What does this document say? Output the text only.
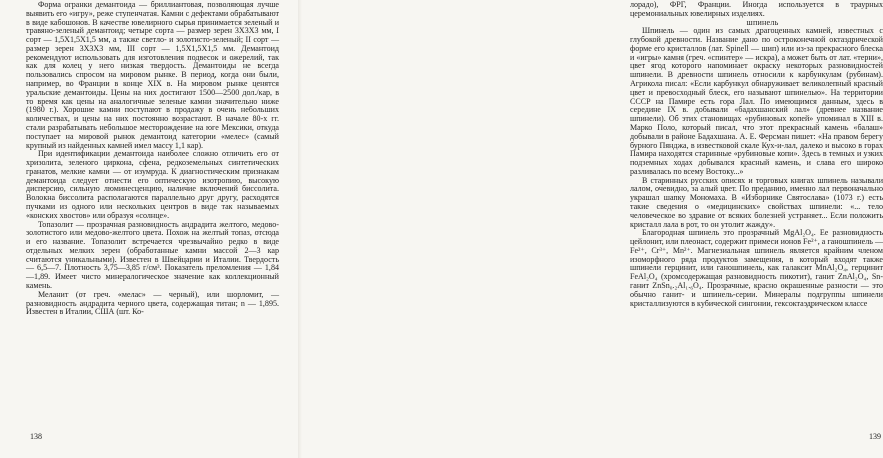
Форма огранки демантоида — бриллиантовая, позволяющая лучше выявить его «игру», реже ступенчатая. Камни с дефектами обрабатывают в виде кабошонов. В качестве ювелирного сырья принимается зеленый и травяно-зеленый демантоид; четыре сорта — размер зерен 3Х3Х3 мм, I сорт — 1,5Х1,5Х1,5 мм, а также светло- и золотисто-зеленый; II сорт — размер зерен 3Х3Х3 мм, III сорт — 1,5Х1,5Х1,5 мм. Демантоид рекомендуют использовать для изготовления подвесок и ожерелий, так как для колец у него низкая твердость. Демантоиды не всегда пользовались спросом на мировом рынке. В период, когда они были, например, во Франции в конце XIX в. На мировом рынке ценятся уральские демантоиды. Цены на них достигают 1500—2500 дол./кар, в то время как цены на аналогичные зеленые камни значительно ниже (1980 г.). Хорошие камни поступают в продажу в очень небольших количествах, и цены на них постоянно возрастают. В начале 80-х гг. стали разрабатывать небольшое месторождение на юге Мексики, откуда поступает на мировой рынок демантоид категории «мелес» (самый крупный из найденных камней имел массу 1,1 кар).

При идентификации демантоида наиболее сложно отличить его от хризолита, зеленого циркона, сфена, редкоземельных синтетических гранатов, мелкие камни — от изумруда. К диагностическим признакам демантоида следует отнести его оптическую изотропию, высокую дисперсию, сильную люминесценцию, наличие включений биссолита. Волокна биссолита располагаются параллельно друг другу, расходятся пучками из одного или нескольких центров в виде так называемых «конских хвостов» или образуя «солнце».

Топазолит — прозрачная разновидность андрадита желтого, медово-золотистого или медово-желтого цвета. Похож на желтый топаз, отсюда и его название. Топазолит встречается чрезвычайно редко в виде отдельных мелких зерен (обработанные камни массой 2—3 кар считаются уникальными). Известен в Швейцарии и Италии. Твердость — 6,5—7. Плотность 3,75—3,85 г/см³. Показатель преломления — 1,84—1,89. Имеет чисто минералогическое значение как коллекционный камень.

Меланит (от греч. «мелас» — черный), или шорломит, — разновидность андрадита черного цвета, содержащая титан; n — 1,895. Известен в Италии, США (шт. Ко-

138

лорадо), ФРГ, Франции. Иногда используется в траурных церемониальных ювелирных изделиях.

шпинель

Шпинель — один из самых драгоценных камней, известных с глубокой древности. Название дано по остроконечной октаэдрической форме его кристаллов (лат. Spinell — шип) или из-за прекрасного блеска и «игры» камня (греч. «спинтер» — искра), а может быть от лат. «терни», цвет ягод которого напоминает окраску некоторых разновидностей шпинели. В древности шпинель относили к карбункулам (рубинам). Агрикола писал: «Если карбункул обнаруживает великолепный красный цвет и превосходный блеск, его называют шпинелью». На территории СССР на Памире есть гора Лал. По имеющимся данным, здесь в середине IX в. добывали «бадахшанский лал» (древнее название шпинели). Об этих становищах «рубиновых копей» упоминал в XIII в. Марко Поло, который писал, что этот прекрасный камень «балаш» добывали в районе Бадахшана. А. Е. Ферсман пишет: «На правом берегу бурного Пянджа, в известковой скале Кух-и-лал, далеко и высоко в горах Памира находятся старинные «рубиновые копи». Здесь в темных и узких подземных ходах добывался красный камень, и слава его широко разливалась по всему Востоку...»

В старинных русских описях и торговых книгах шпинель называли лалом, очевидно, за алый цвет. По преданию, именно лал первоначально украшал шапку Мономаха. В «Изборнике Святослава» (1073 г.) есть такие сведения о «медицинских» свойствах шпинели: «... тело человеческое во здравие от всяких болезней устраняет... Если положить кристалл лала в рот, то он утолит жажду».

Благородная шпинель это прозрачный MgAl₂O₄. Ее разновидность цейлонит, или плеонаст, содержит примеси ионов Fe²⁺, а ганошпинель — Fe²⁺, Cr³⁺, Mn²⁺. Магнезиальная шпинель является крайним членом изоморфного ряда продуктов замещения, в который входят также шпинели герцинит, или ганошпинель, как галаксит MnAl₂O₄, герцинит FeAl₂O₄ (хромсодержащая разновидность пикотит), ганит ZnAl₂O₄, Sn-ганит ZnSn₀.₂Al₁.₆O₄. Прозрачные, красно окрашенные разности — это обычно ганит- и шпинель-серии. Минералы подгруппы шпинели кристаллизуются в кубической сингонии, гексоктаэдрическом классе

139
